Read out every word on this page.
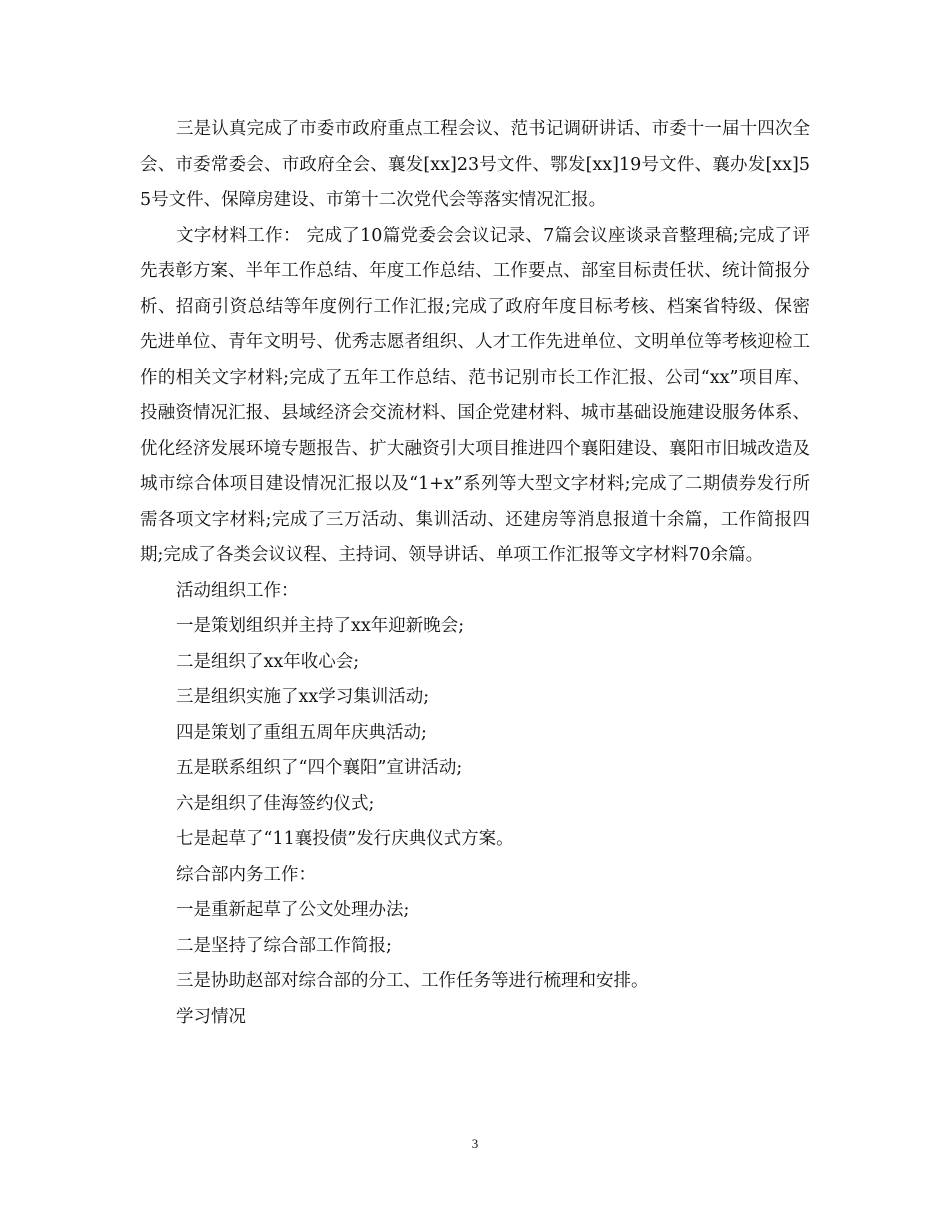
三是认真完成了市委市政府重点工程会议、范书记调研讲话、市委十一届十四次全会、市委常委会、市政府全会、襄发[xx]23号文件、鄂发[xx]19号文件、襄办发[xx]55号文件、保障房建设、市第十二次党代会等落实情况汇报。

文字材料工作： 完成了10篇党委会会议记录、7篇会议座谈录音整理稿;完成了评先表彰方案、半年工作总结、年度工作总结、工作要点、部室目标责任状、统计简报分析、招商引资总结等年度例行工作汇报;完成了政府年度目标考核、档案省特级、保密先进单位、青年文明号、优秀志愿者组织、人才工作先进单位、文明单位等考核迎检工作的相关文字材料;完成了五年工作总结、范书记别市长工作汇报、公司“xx”项目库、投融资情况汇报、县域经济会交流材料、国企党建材料、城市基础设施建设服务体系、优化经济发展环境专题报告、扩大融资引大项目推进四个襄阳建设、襄阳市旧城改造及城市综合体项目建设情况汇报以及“1+x”系列等大型文字材料;完成了二期债券发行所需各项文字材料;完成了三万活动、集训活动、还建房等消息报道十余篇，工作简报四期;完成了各类会议议程、主持词、领导讲话、单项工作汇报等文字材料70余篇。

活动组织工作：

一是策划组织并主持了xx年迎新晚会;

二是组织了xx年收心会;

三是组织实施了xx学习集训活动;

四是策划了重组五周年庆典活动;

五是联系组织了“四个襄阳”宣讲活动;

六是组织了佳海签约仪式;

七是起草了“11襄投债”发行庆典仪式方案。

综合部内务工作：

一是重新起草了公文处理办法;

二是坚持了综合部工作简报;

三是协助赵部对综合部的分工、工作任务等进行梳理和安排。

学习情况

3
